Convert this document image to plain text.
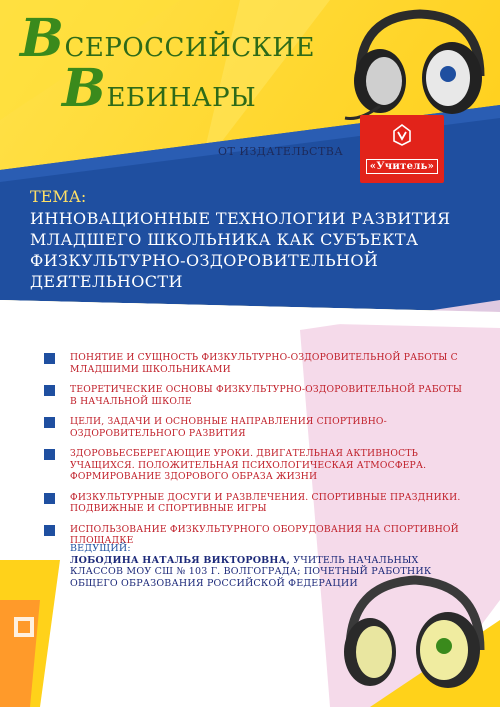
ВСЕРОССИЙСКИЕ
ВЕБИНАРЫ
ОТ ИЗДАТЕЛЬСТВА
«Учитель»
ТЕМА:
ИННОВАЦИОННЫЕ ТЕХНОЛОГИИ РАЗВИТИЯ МЛАДШЕГО ШКОЛЬНИКА КАК СУБЪЕКТА ФИЗКУЛЬТУРНО-ОЗДОРОВИТЕЛЬНОЙ ДЕЯТЕЛЬНОСТИ
ПОНЯТИЕ И СУЩНОСТЬ ФИЗКУЛЬТУРНО-ОЗДОРОВИТЕЛЬНОЙ РАБОТЫ С МЛАДШИМИ ШКОЛЬНИКАМИ
ТЕОРЕТИЧЕСКИЕ ОСНОВЫ ФИЗКУЛЬТУРНО-ОЗДОРОВИТЕЛЬНОЙ РАБОТЫ В НАЧАЛЬНОЙ ШКОЛЕ
ЦЕЛИ, ЗАДАЧИ И ОСНОВНЫЕ НАПРАВЛЕНИЯ СПОРТИВНО-ОЗДОРОВИТЕЛЬНОГО РАЗВИТИЯ
ЗДОРОВЬЕСБЕРЕГАЮЩИЕ УРОКИ. ДВИГАТЕЛЬНАЯ АКТИВНОСТЬ УЧАЩИХСЯ. ПОЛОЖИТЕЛЬНАЯ ПСИХОЛОГИЧЕСКАЯ АТМОСФЕРА. ФОРМИРОВАНИЕ ЗДОРОВОГО ОБРАЗА ЖИЗНИ
ФИЗКУЛЬТУРНЫЕ ДОСУГИ И РАЗВЛЕЧЕНИЯ. СПОРТИВНЫЕ ПРАЗДНИКИ. ПОДВИЖНЫЕ И СПОРТИВНЫЕ ИГРЫ
ИСПОЛЬЗОВАНИЕ ФИЗКУЛЬТУРНОГО ОБОРУДОВАНИЯ НА СПОРТИВНОЙ ПЛОЩАДКЕ
ВЕДУЩИЙ:
ЛОБОДИНА НАТАЛЬЯ ВИКТОРОВНА, УЧИТЕЛЬ НАЧАЛЬНЫХ КЛАССОВ МОУ СШ № 103 Г. ВОЛГОГРАДА; ПОЧЕТНЫЙ РАБОТНИК ОБЩЕГО ОБРАЗОВАНИЯ РОССИЙСКОЙ ФЕДЕРАЦИИ
